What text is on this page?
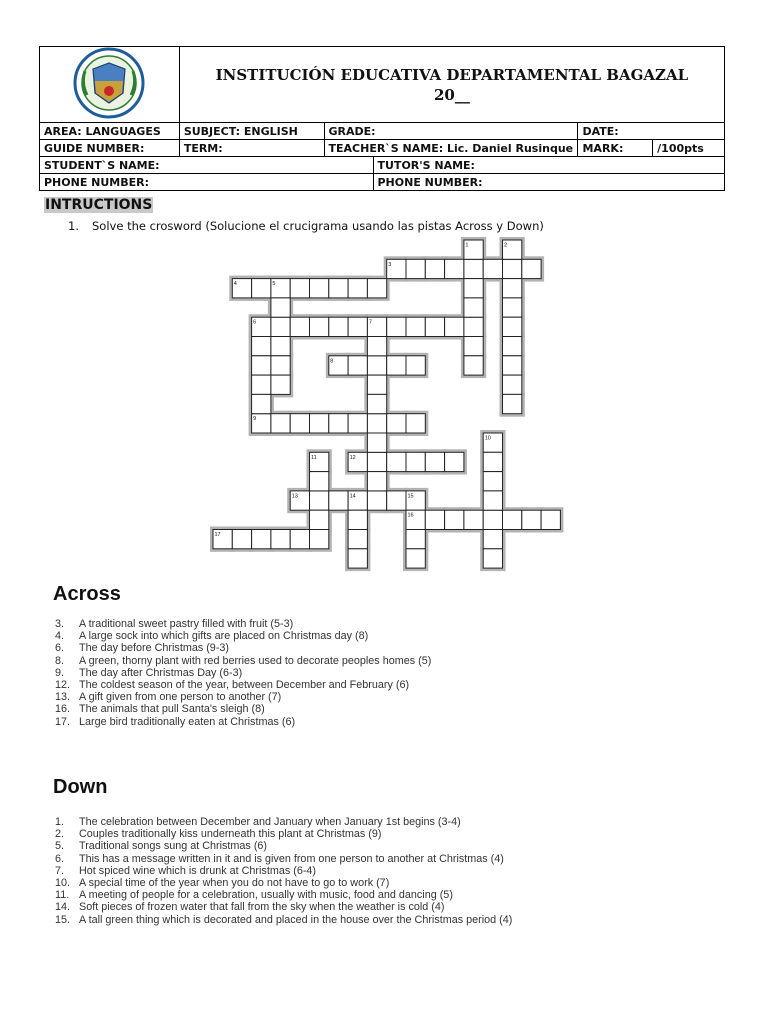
INSTITUCIÓN EDUCATIVA DEPARTAMENTAL BAGAZAL
20__				

AREA: LANGUAGES	SUBJECT: ENGLISH	GRADE:		DATE:	
GUIDE NUMBER:	TERM:	TEACHER`S NAME: Lic. Daniel Rusinque		MARK:	/100pts
STUDENT`S NAME:			TUTOR'S NAME:		
PHONE NUMBER:			PHONE NUMBER:		
INTRUCTIONS
1. Solve the crosword (Solucione el crucigrama usando las pistas Across y Down)
3
4	5
6	7
8
9
12
13	14	15
16
17
1	2
10
11
Across
3. A traditional sweet pastry filled with fruit (5-3)
4. A large sock into which gifts are placed on Christmas day (8)
6. The day before Christmas (9-3)
8. A green, thorny plant with red berries used to decorate peoples homes (5)
9. The day after Christmas Day (6-3)
12. The coldest season of the year, between December and February (6)
13. A gift given from one person to another (7)
16. The animals that pull Santa's sleigh (8)
17. Large bird traditionally eaten at Christmas (6)
Down
1. The celebration between December and January when January 1st begins (3-4)
2. Couples traditionally kiss underneath this plant at Christmas (9)
5. Traditional songs sung at Christmas (6)
6. This has a message written in it and is given from one person to another at Christmas (4)
7. Hot spiced wine which is drunk at Christmas (6-4)
10. A special time of the year when you do not have to go to work (7)
11. A meeting of people for a celebration, usually with music, food and dancing (5)
14. Soft pieces of frozen water that fall from the sky when the weather is cold (4)
15. A tall green thing which is decorated and placed in the house over the Christmas period (4)
